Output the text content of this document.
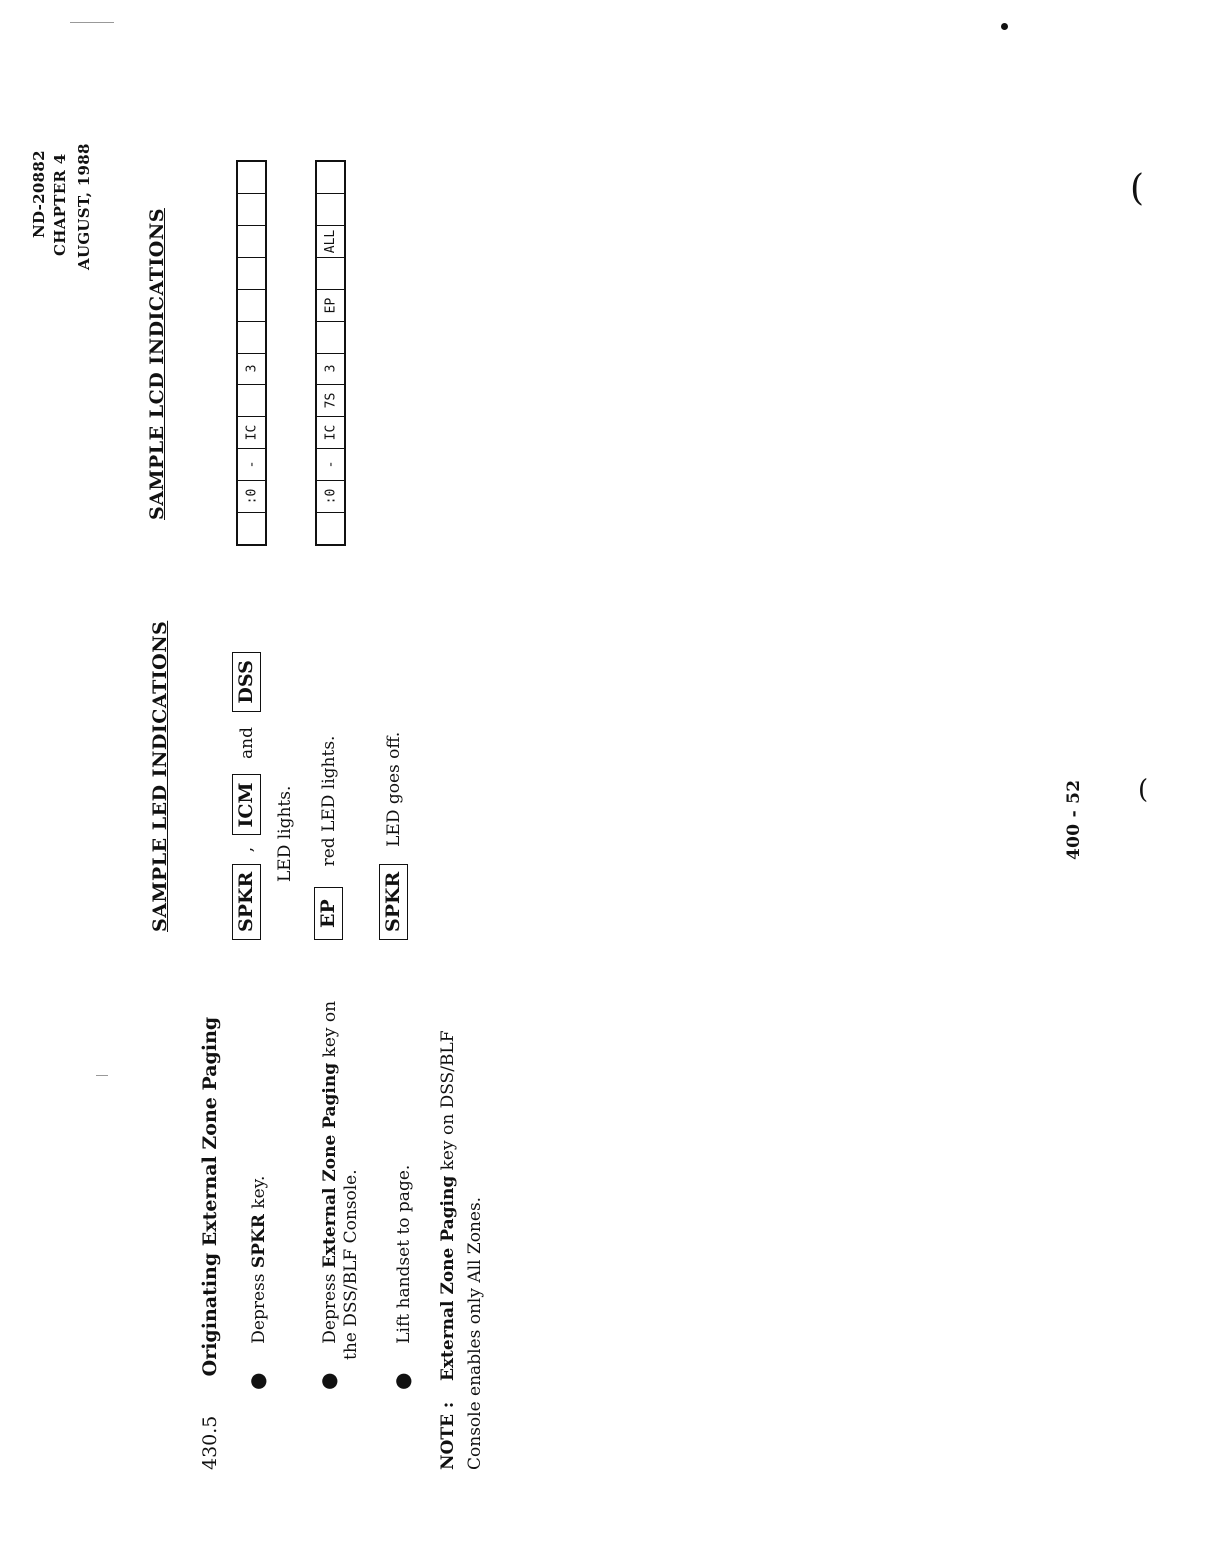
(
(
ND-20882 CHAPTER 4 AUGUST, 1988
430.5  Originating External Zone Paging
●  Depress SPKR key.
●  Depress External Zone Paging key on
the DSS/BLF Console.
●  Lift handset to page.
NOTE :  External Zone Paging key on DSS/BLF
Console enables only All Zones.
SAMPLE LED INDICATIONS	SPKR , ICM and DSS
LED lights.
EP  red LED lights.
SPKR  LED goes off.
SAMPLE LCD INDICATIONS	3
IC
-
:0
ALL
EP
3
7S
IC
-
:0
400 - 52
